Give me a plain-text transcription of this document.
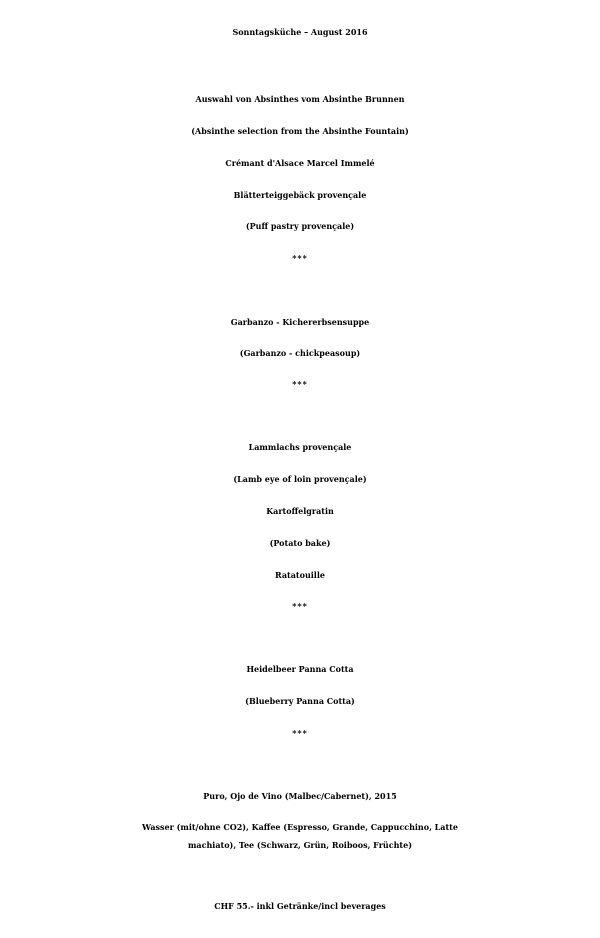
Sonntagsküche – August 2016
Auswahl von Absinthes vom Absinthe Brunnen
(Absinthe selection from the Absinthe Fountain)
Crémant d'Alsace Marcel Immelé
Blätterteiggebäck provençale
(Puff pastry provençale)
***
Garbanzo - Kichererbsensuppe
(Garbanzo - chickpeasoup)
***
Lammlachs provençale
(Lamb eye of loin provençale)
Kartoffelgratin
(Potato bake)
Ratatouille
***
Heidelbeer Panna Cotta
(Blueberry Panna Cotta)
***
Puro, Ojo de Vino (Malbec/Cabernet), 2015
Wasser (mit/ohne CO2), Kaffee (Espresso, Grande, Cappucchino, Latte
machiato), Tee (Schwarz, Grün, Roiboos, Früchte)
CHF 55.- inkl Getränke/incl beverages
